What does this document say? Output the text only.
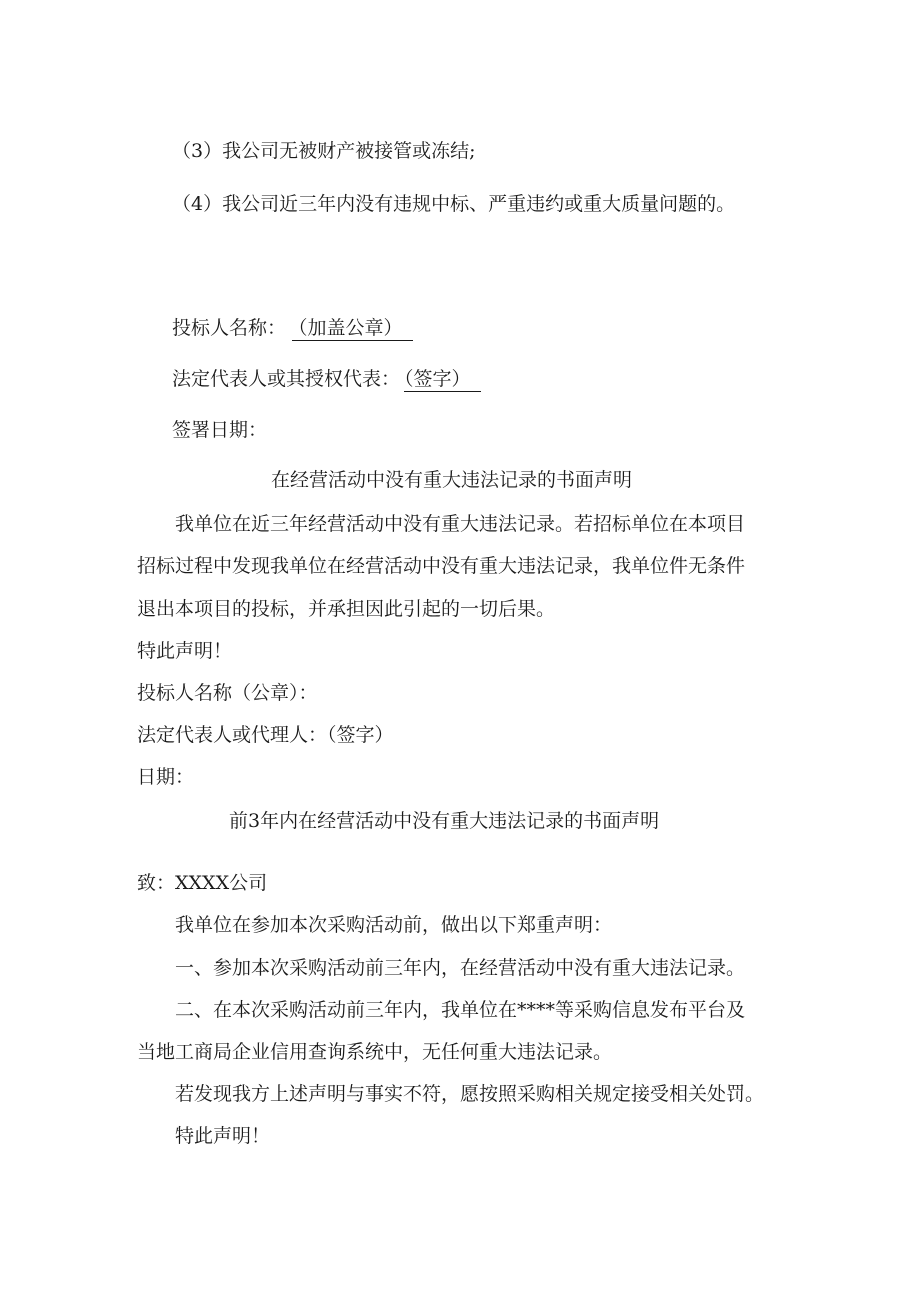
（3）我公司无被财产被接管或冻结;
（4）我公司近三年内没有违规中标、严重违约或重大质量问题的。
投标人名称： （加盖公章）
法定代表人或其授权代表： （签字）
签署日期：
在经营活动中没有重大违法记录的书面声明
我单位在近三年经营活动中没有重大违法记录。若招标单位在本项目
招标过程中发现我单位在经营活动中没有重大违法记录，我单位件无条件
退出本项目的投标，并承担因此引起的一切后果。
特此声明！
投标人名称（公章）：
法定代表人或代理人：（签字）
日期：
前3年内在经营活动中没有重大违法记录的书面声明
致：XXXX公司
我单位在参加本次采购活动前，做出以下郑重声明：
一、参加本次采购活动前三年内，在经营活动中没有重大违法记录。
二、在本次采购活动前三年内，我单位在****等采购信息发布平台及
当地工商局企业信用查询系统中，无任何重大违法记录。
若发现我方上述声明与事实不符，愿按照采购相关规定接受相关处罚。
特此声明！
